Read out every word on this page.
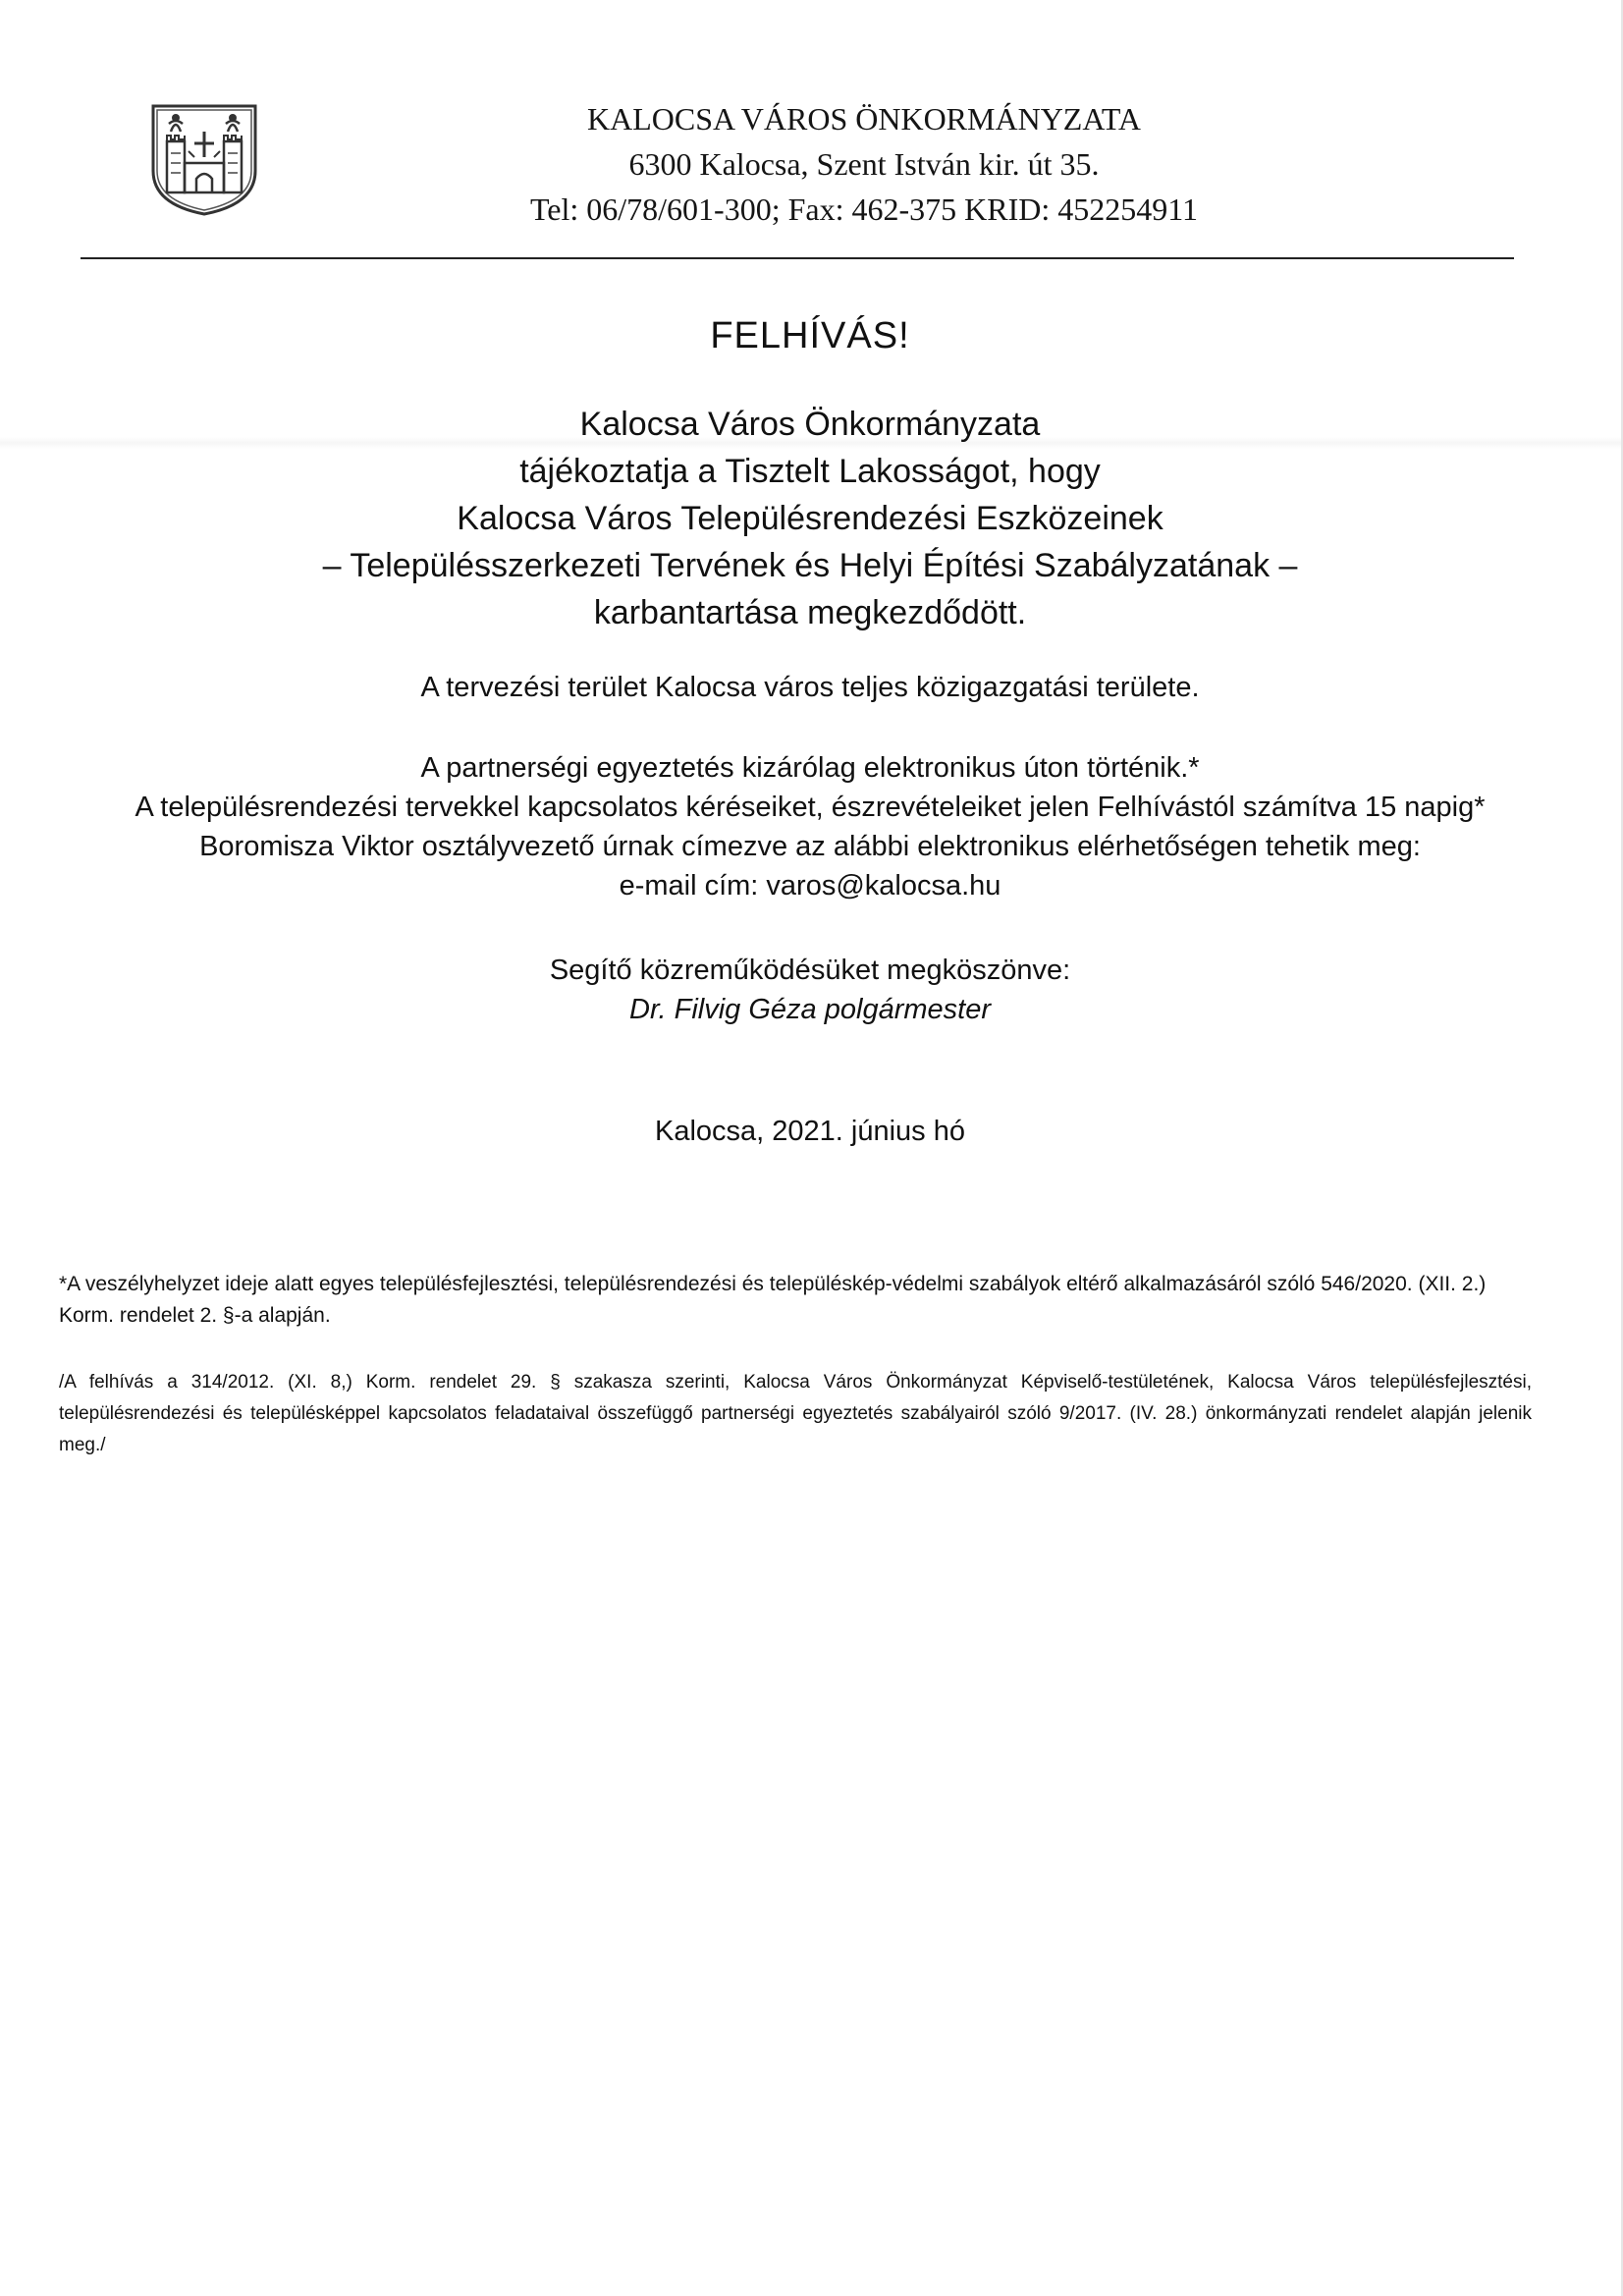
KALOCSA VÁROS ÖNKORMÁNYZATA
6300 Kalocsa, Szent István kir. út 35.
Tel: 06/78/601-300; Fax: 462-375 KRID: 452254911
FELHÍVÁS!
Kalocsa Város Önkormányzata
tájékoztatja a Tisztelt Lakosságot, hogy
Kalocsa Város Településrendezési Eszközeinek
– Településszerkezeti Tervének és Helyi Építési Szabályzatának –
karbantartása megkezdődött.
A tervezési terület Kalocsa város teljes közigazgatási területe.
A partnerségi egyeztetés kizárólag elektronikus úton történik.*
A településrendezési tervekkel kapcsolatos kéréseiket, észrevételeiket jelen Felhívástól számítva 15 napig*
Boromisza Viktor osztályvezető úrnak címezve az alábbi elektronikus elérhetőségen tehetik meg:
e-mail cím: varos@kalocsa.hu
Segítő közreműködésüket megköszönve:
Dr. Filvig Géza polgármester
Kalocsa, 2021. június hó
*A veszélyhelyzet ideje alatt egyes településfejlesztési, településrendezési és településkép-védelmi szabályok eltérő alkalmazásáról szóló 546/2020. (XII. 2.) Korm. rendelet 2. §-a alapján.
/A felhívás a 314/2012. (XI. 8,) Korm. rendelet 29. § szakasza szerinti, Kalocsa Város Önkormányzat Képviselő-testületének, Kalocsa Város településfejlesztési, településrendezési és településképpel kapcsolatos feladataival összefüggő partnerségi egyeztetés szabályairól szóló 9/2017. (IV. 28.) önkormányzati rendelet alapján jelenik meg./
